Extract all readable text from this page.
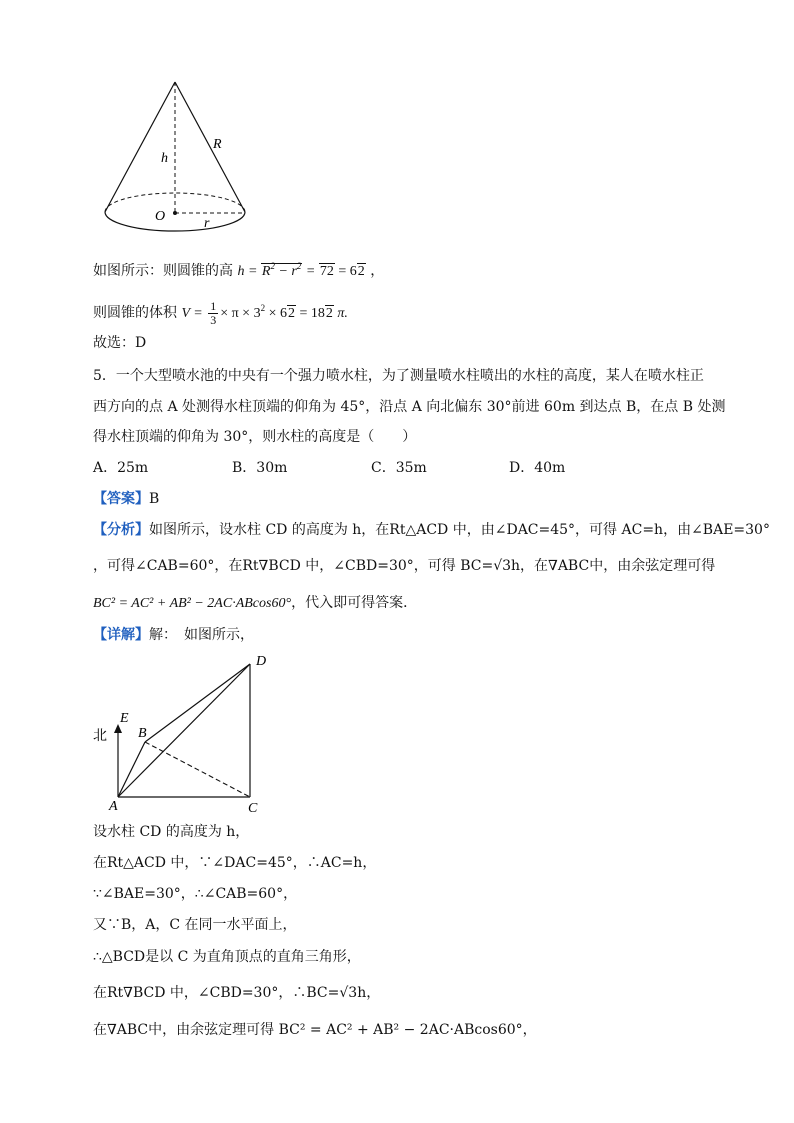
h
R
O	r
如图所示：则圆锥的高 $h = R^2 - r^2 = 72 = 62$ ，
则圆锥的体积 $V = \frac{1}{3} \times \pi \times 3^2 \times 62 = 182$ π.
故选：D
5．一个大型喷水池的中央有一个强力喷水柱，为了测量喷水柱喷出的水柱的高度，某人在喷水柱正
西方向的点 A 处测得水柱顶端的仰角为 45°，沿点 A 向北偏东 30°前进 60m 到达点 B，在点 B 处测
得水柱顶端的仰角为 30°，则水柱的高度是（　　）
A．25m	B．30m	C．35m	D．40m
【答案】B
【分析】如图所示，设水柱 CD 的高度为 h，在Rt△ACD 中，由∠DAC=45°，可得 AC=h，由∠BAE=30°
，可得∠CAB=60°，在Rt∇BCD 中，∠CBD=30°，可得 BC=√3h，在∇ABC中，由余弦定理可得
BC² = AC² + AB² − 2AC·ABcos60°，代入即可得答案．
【详解】解：　如图所示，
D
E
B
北
A	C
设水柱 CD 的高度为 h，
在Rt△ACD 中，∵∠DAC=45°，∴AC=h，
∵∠BAE=30°，∴∠CAB=60°，
又∵B，A，C 在同一水平面上，
∴△BCD是以 C 为直角顶点的直角三角形，
在Rt∇BCD 中，∠CBD=30°，∴BC=√3h，
在∇ABC中，由余弦定理可得 BC² = AC² + AB² − 2AC·ABcos60°，
